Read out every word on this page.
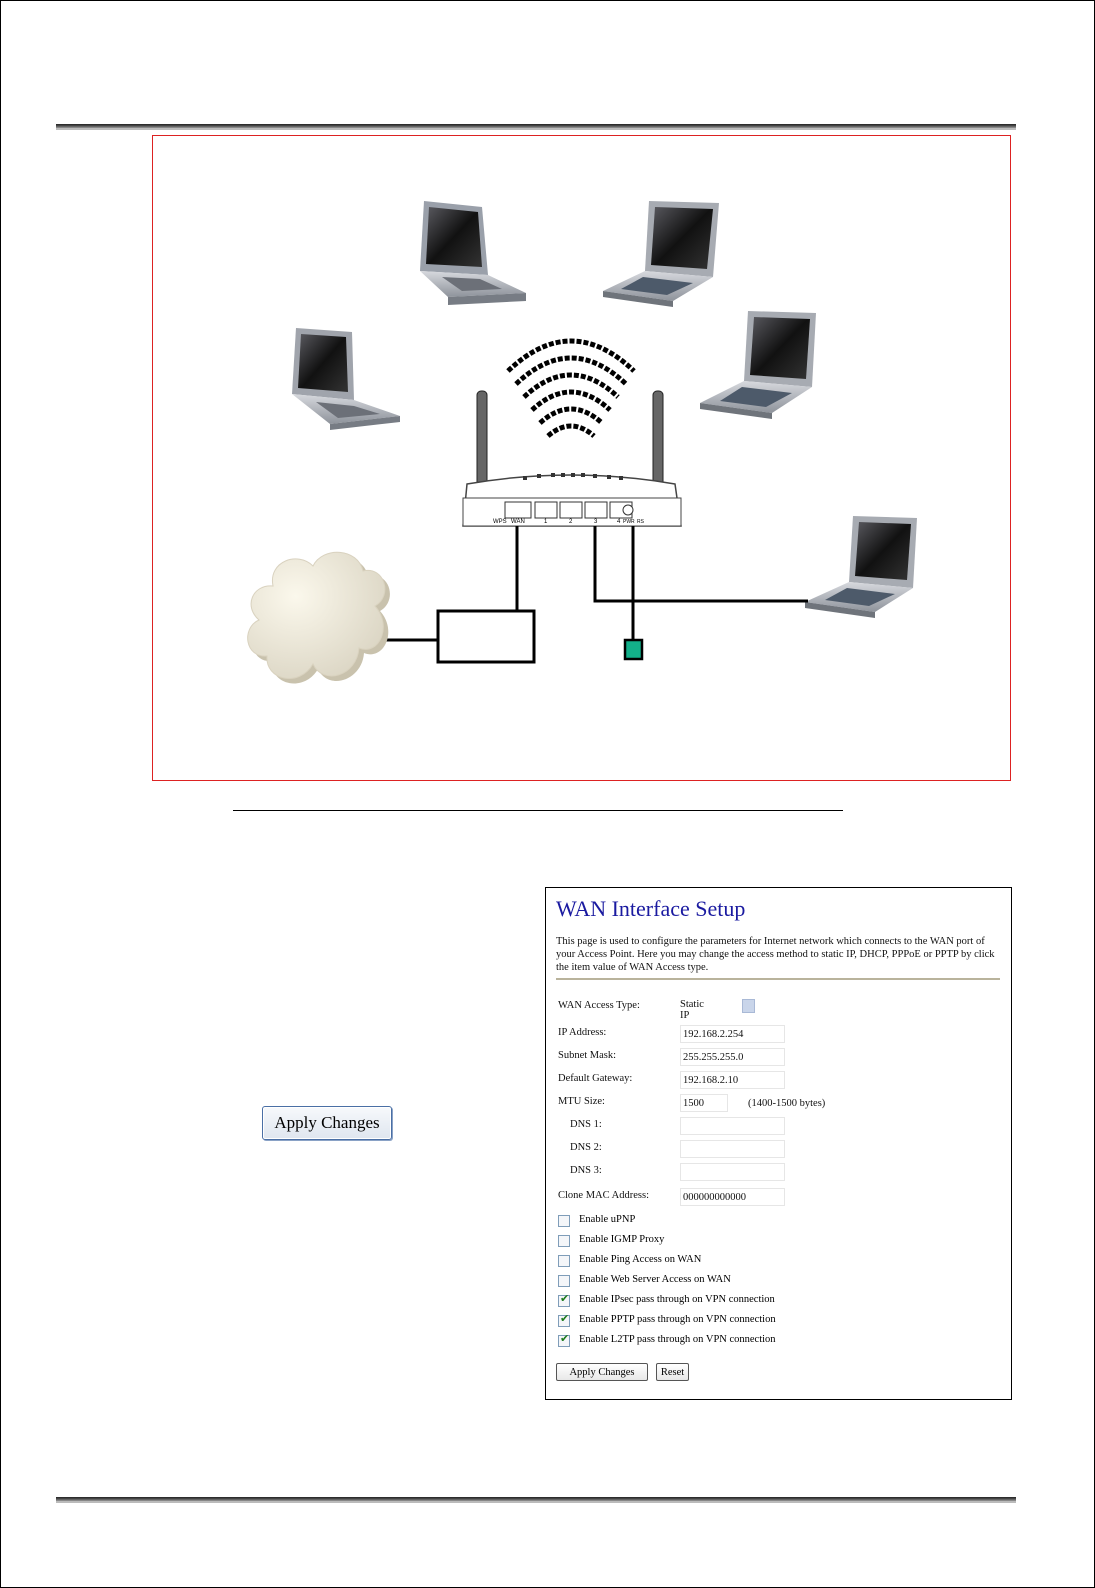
WPS WAN	1	2	3	4 PWR RS
Apply Changes
WAN Interface Setup
This page is used to configure the parameters for Internet network which connects to the WAN port of your Access Point. Here you may change the access method to static IP, DHCP, PPPoE or PPTP by click the item value of WAN Access type.
WAN Access Type:	Static IP
IP Address:
192.168.2.254
Subnet Mask:
255.255.255.0
Default Gateway:
192.168.2.10
MTU Size:
1500	(1400-1500 bytes)
DNS 1:
DNS 2:
DNS 3:
Clone MAC Address:
000000000000
Enable uPNP
Enable IGMP Proxy
Enable Ping Access on WAN
Enable Web Server Access on WAN
✔ Enable IPsec pass through on VPN connection
✔ Enable PPTP pass through on VPN connection
✔ Enable L2TP pass through on VPN connection
Apply Changes	Reset
